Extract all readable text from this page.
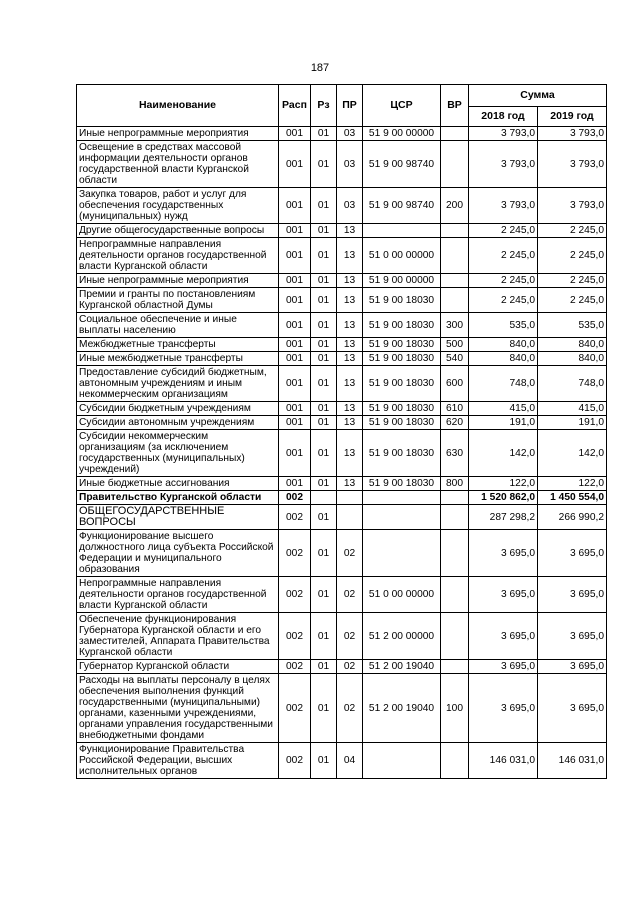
187
Наименование	Расп	Рз	ПР	ЦСР	ВР	Сумма	
						2018 год	2019 год
Иные непрограммные мероприятия	001	01	03	51 9 00 00000		3 793,0	3 793,0
Освещение в средствах массовой информации деятельности органов государственной власти Курганской области	001	01	03	51 9 00 98740		3 793,0	3 793,0
Закупка товаров, работ и услуг для обеспечения государственных (муниципальных) нужд	001	01	03	51 9 00 98740	200	3 793,0	3 793,0
Другие общегосударственные вопросы	001	01	13			2 245,0	2 245,0
Непрограммные направления деятельности органов государственной власти Курганской области	001	01	13	51 0 00 00000		2 245,0	2 245,0
Иные непрограммные мероприятия	001	01	13	51 9 00 00000		2 245,0	2 245,0
Премии и гранты по постановлениям Курганской областной Думы	001	01	13	51 9 00 18030		2 245,0	2 245,0
Социальное обеспечение и иные выплаты населению	001	01	13	51 9 00 18030	300	535,0	535,0
Межбюджетные трансферты	001	01	13	51 9 00 18030	500	840,0	840,0
Иные межбюджетные трансферты	001	01	13	51 9 00 18030	540	840,0	840,0
Предоставление субсидий бюджетным, автономным учреждениям и иным некоммерческим организациям	001	01	13	51 9 00 18030	600	748,0	748,0
Субсидии бюджетным учреждениям	001	01	13	51 9 00 18030	610	415,0	415,0
Субсидии автономным учреждениям	001	01	13	51 9 00 18030	620	191,0	191,0
Субсидии некоммерческим организациям (за исключением государственных (муниципальных) учреждений)	001	01	13	51 9 00 18030	630	142,0	142,0
Иные бюджетные ассигнования	001	01	13	51 9 00 18030	800	122,0	122,0
Правительство Курганской области	002					1 520 862,0	1 450 554,0
ОБЩЕГОСУДАРСТВЕННЫЕ ВОПРОСЫ	002	01				287 298,2	266 990,2
Функционирование высшего должностного лица субъекта Российской Федерации и муниципального образования	002	01	02			3 695,0	3 695,0
Непрограммные направления деятельности органов государственной власти Курганской области	002	01	02	51 0 00 00000		3 695,0	3 695,0
Обеспечение функционирования Губернатора Курганской области и его заместителей, Аппарата Правительства Курганской области	002	01	02	51 2 00 00000		3 695,0	3 695,0
Губернатор Курганской области	002	01	02	51 2 00 19040		3 695,0	3 695,0
Расходы на выплаты персоналу в целях обеспечения выполнения функций государственными (муниципальными) органами, казенными учреждениями, органами управления государственными внебюджетными фондами	002	01	02	51 2 00 19040	100	3 695,0	3 695,0
Функционирование Правительства Российской Федерации, высших исполнительных органов	002	01	04			146 031,0	146 031,0
